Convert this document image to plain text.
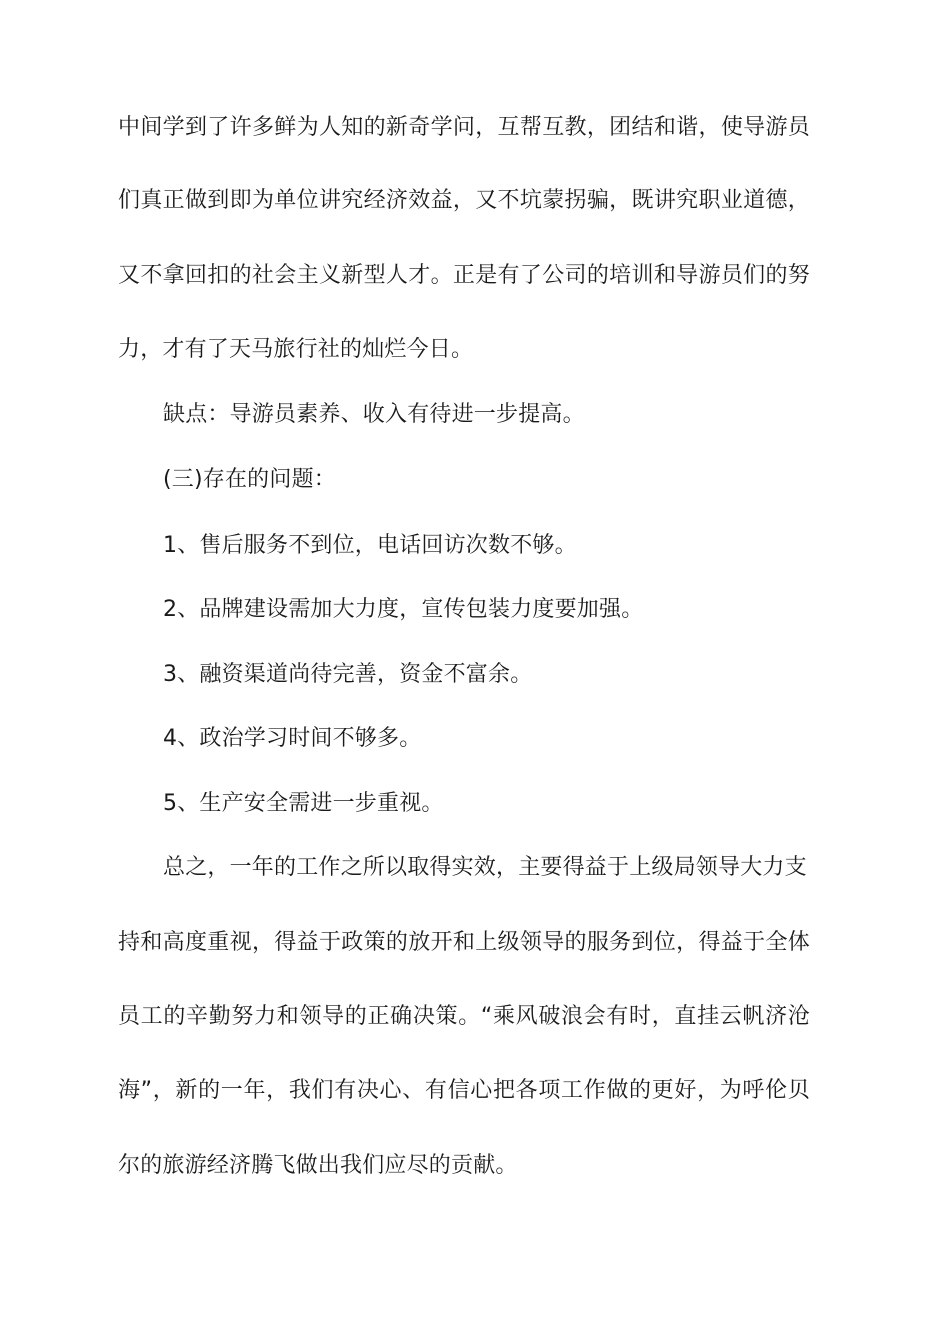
中间学到了许多鲜为人知的新奇学问，互帮互教，团结和谐，使导游员
们真正做到即为单位讲究经济效益，又不坑蒙拐骗，既讲究职业道德，
又不拿回扣的社会主义新型人才。正是有了公司的培训和导游员们的努
力，才有了天马旅行社的灿烂今日。
缺点：导游员素养、收入有待进一步提高。
(三)存在的问题：
1、售后服务不到位，电话回访次数不够。
2、品牌建设需加大力度，宣传包装力度要加强。
3、融资渠道尚待完善，资金不富余。
4、政治学习时间不够多。
5、生产安全需进一步重视。
总之，一年的工作之所以取得实效，主要得益于上级局领导大力支
持和高度重视，得益于政策的放开和上级领导的服务到位，得益于全体
员工的辛勤努力和领导的正确决策。“乘风破浪会有时，直挂云帆济沧
海”，新的一年，我们有决心、有信心把各项工作做的更好，为呼伦贝
尔的旅游经济腾飞做出我们应尽的贡献。
